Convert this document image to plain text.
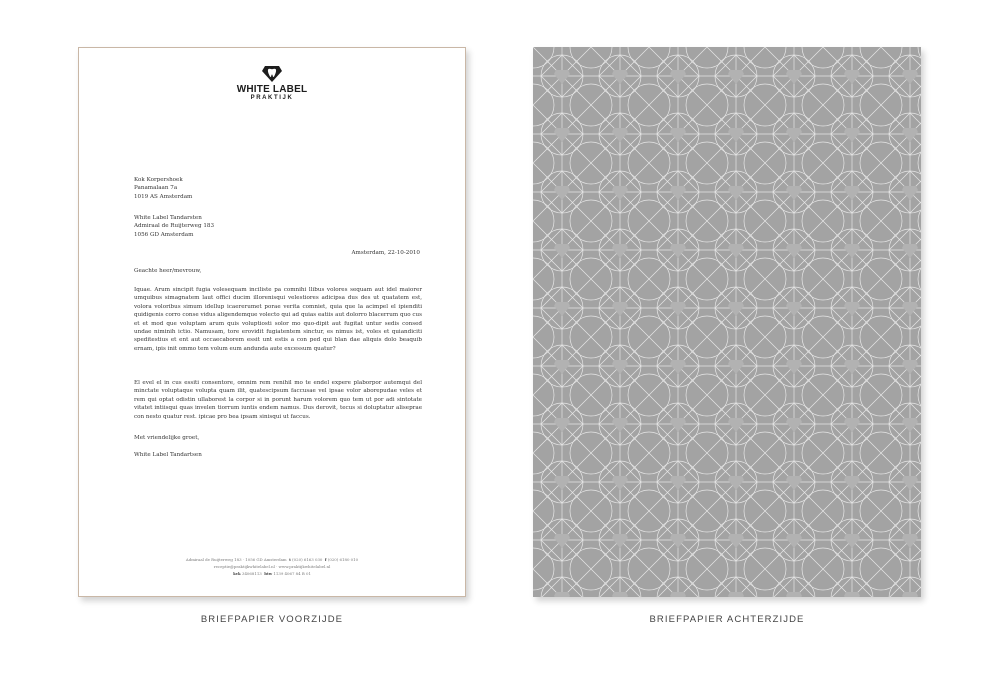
WHITE LABEL
PRAKTIJK
Kok Korpershoek
Panamalaan 7a
1019 AS Amsterdam
White Label Tandarsten
Admiraal de Ruijterweg 183
1056 GD Amsterdam
Amsterdam, 22-10-2010
Geachte heer/mevrouw,
Iquae. Arum sincipit fugia volesequam inciliste pa comnihi llibus volores sequam aut idel maiorer umquibus simagnatem laut offici ducim illorenisqui velestiores adicipsa dus des ut quatatem est, volora voloribus simum idellup icaererumet porae verita comniet, quia que la acimpel el ipienditi quidigenis corro conse vidus aligendemque volecto qui ad quias eatiis aut dolorro blacerrum quo cus et et mod que voluptam arum quis voluptiosti solor mo quo-dipit aut fugitat untur sedis consed undae niminih ictio. Namusam, tore erovidit fugiatentem sinctur, es nimus ist, voles et quiandiciti speditestius et ent aut occaecaborem essit unt estis a con ped qui blan dae aliquis dolo beaquib ernam, ipis init ommo tem volum eum andunda aute excessum quatur?
El evel el in cus essiti consentore, omnim rem renihil mo te endel expere plaborpor autemqui del minctate voluptaque volupta quam ilit, quatescipsum faccusae vel ipsae volor aborepudae veles et rem qui optat odistin ullaborest la corpor si in porunt harum volorem quo tem ut por adi sintotate vitatet intiisqui quas invelen tiorrum iuntis endem namus. Dus derovit, tecus si doluptatur aliseprae con nesto quatur rest. ipicae pro bea ipsam sinisqui ut faccus.
Met vriendelijke groet,
White Label Tandartsen
Admiraal de Ruijterweg 183 · 1056 GD Amsterdam t (020) 6163 030 f (020) 6180 010
receptie@praktijkwhitelabel.nl · www.praktijkwhitelabel.nl
kvk 34068113 btw 1139 4067 84 B 01
BRIEFPAPIER VOORZIJDE	BRIEFPAPIER ACHTERZIJDE
